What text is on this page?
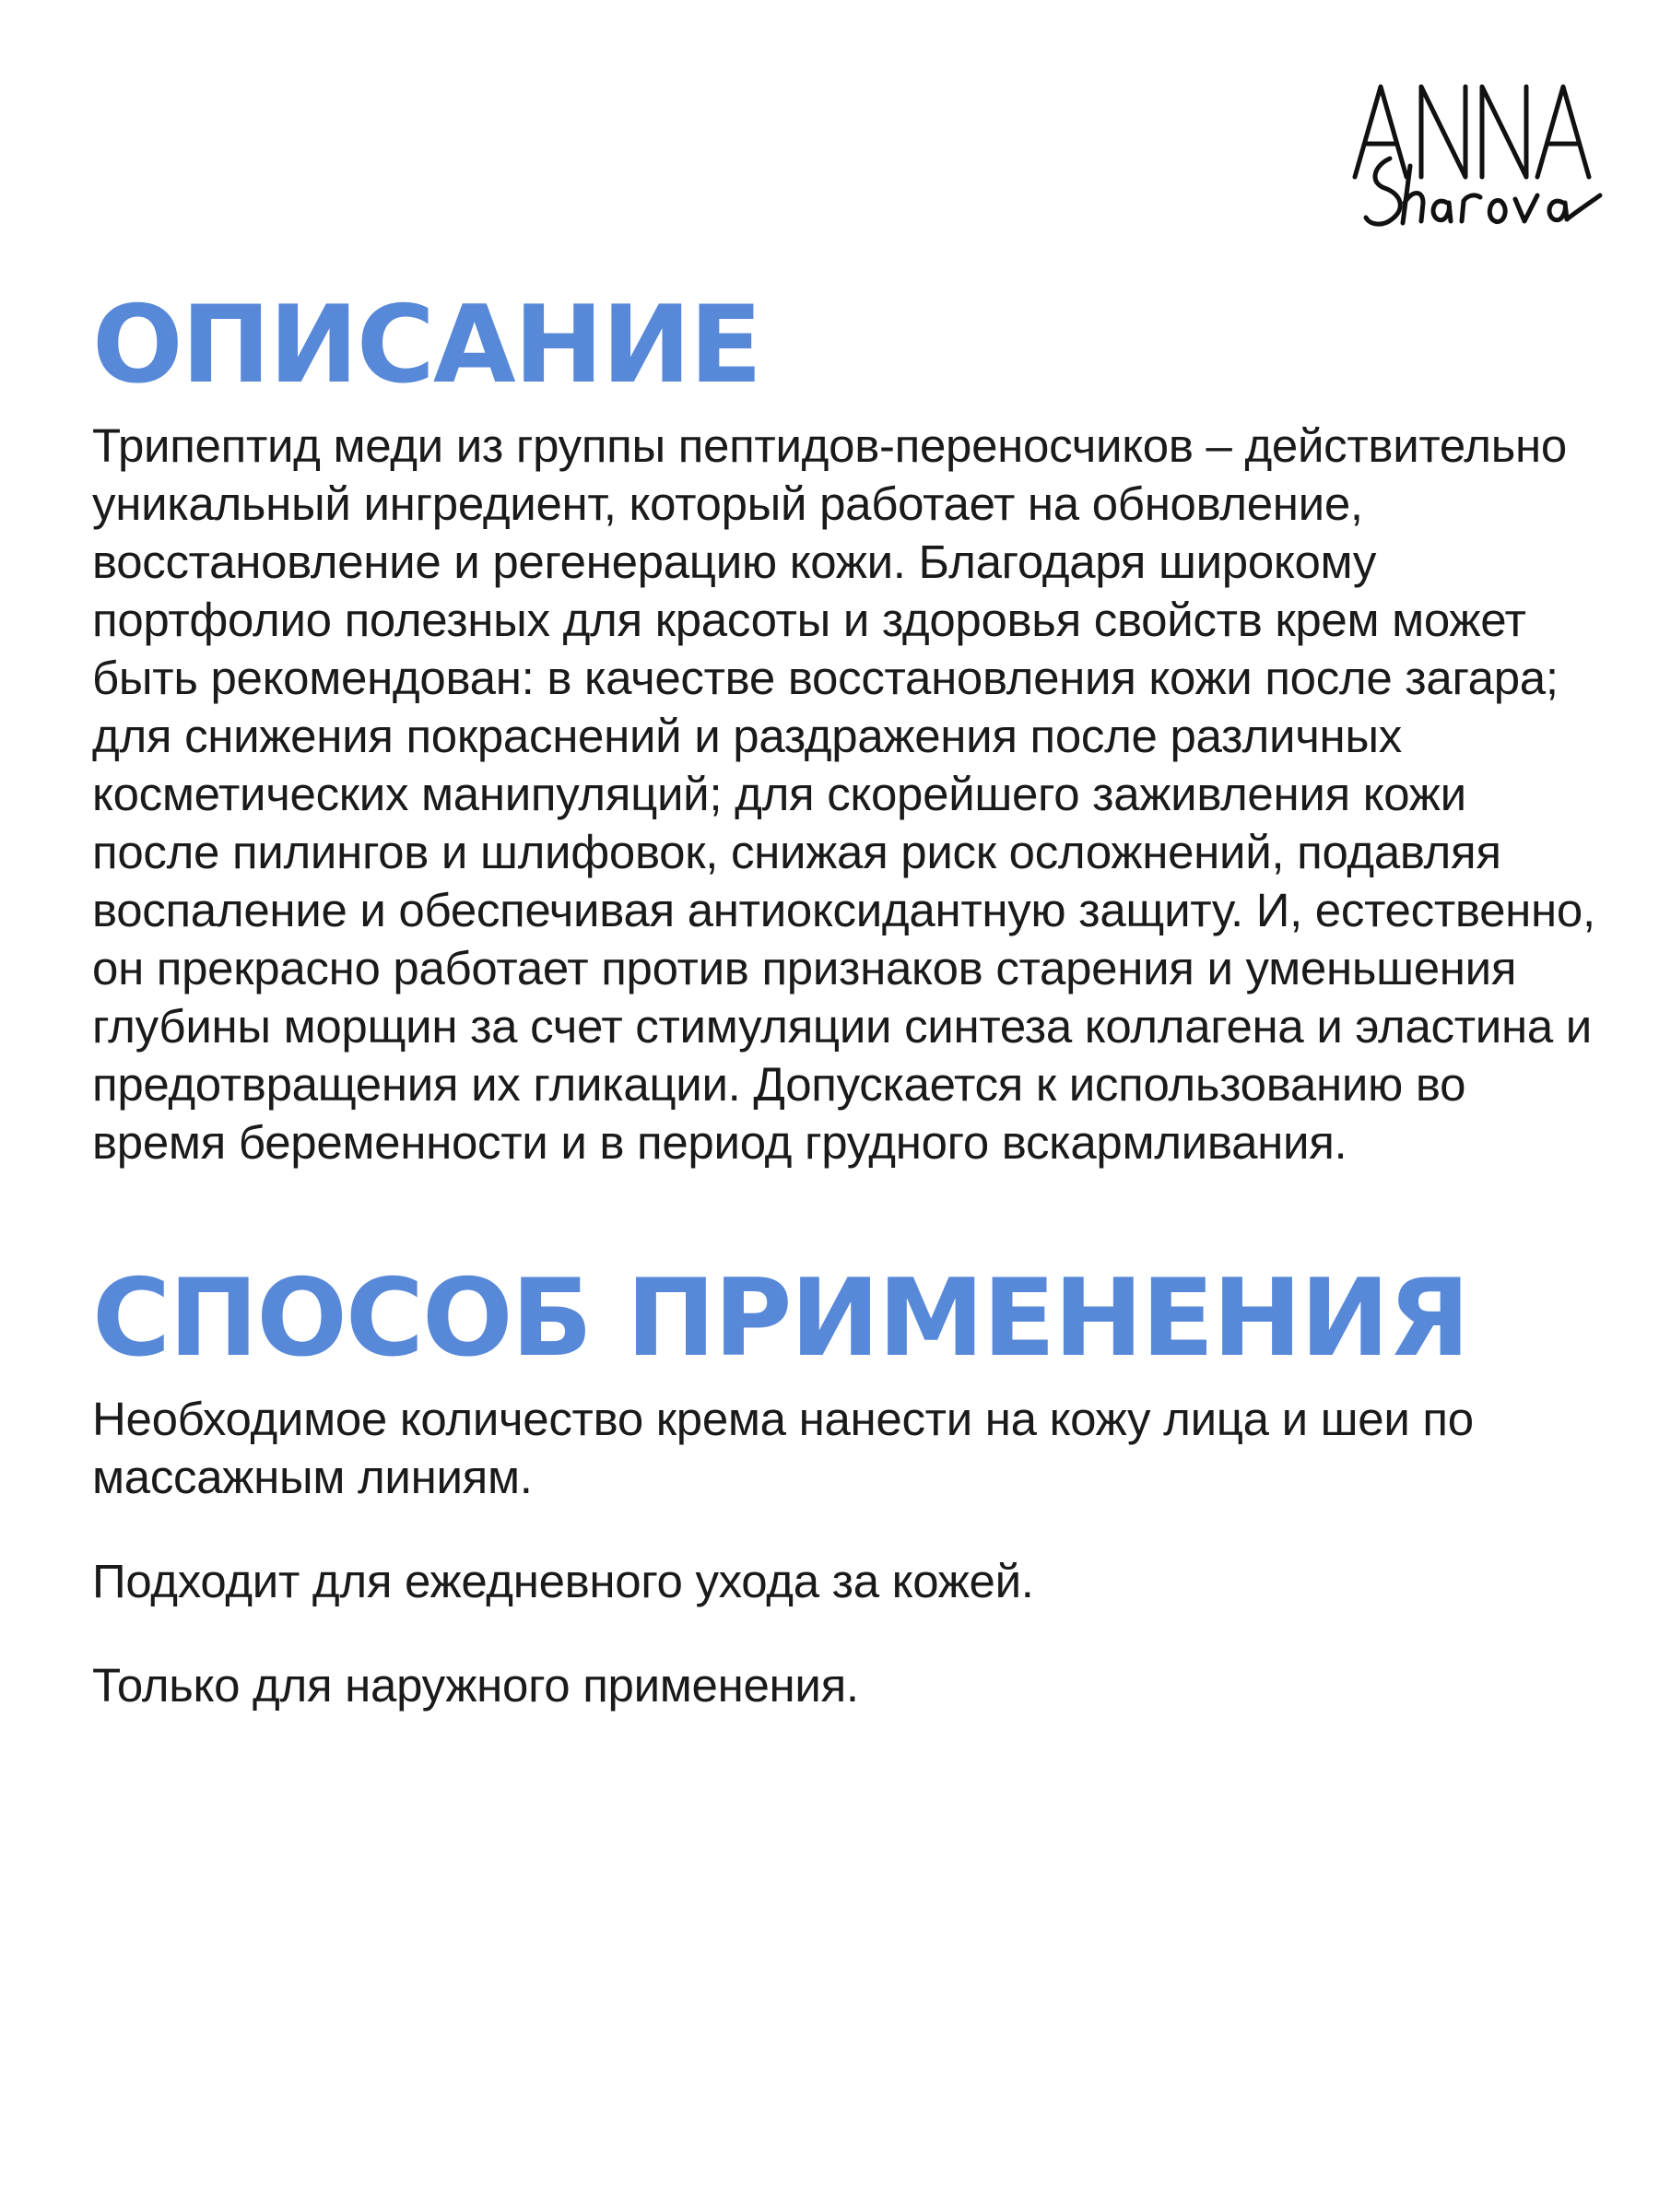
ОПИСАНИЕ

Трипептид меди из группы пептидов-переносчиков – действительно уникальный ингредиент, который работает на обновление, восстановление и регенерацию кожи. Благодаря широкому портфолио полезных для красоты и здоровья свойств крем может быть рекомендован: в качестве восстановления кожи после загара; для снижения покраснений и раздражения после различных косметических манипуляций; для скорейшего заживления кожи после пилингов и шлифовок, снижая риск осложнений, подавляя воспаление и обеспечивая антиоксидантную защиту. И, естественно, он прекрасно работает против признаков старения и уменьшения глубины морщин за счет стимуляции синтеза коллагена и эластина и предотвращения их гликации. Допускается к использованию во время беременности и в период грудного вскармливания.

СПОСОБ ПРИМЕНЕНИЯ
Необходимое количество крема нанести на кожу лица и шеи по массажным линиям.
Подходит для ежедневного ухода за кожей.
Только для наружного применения.
